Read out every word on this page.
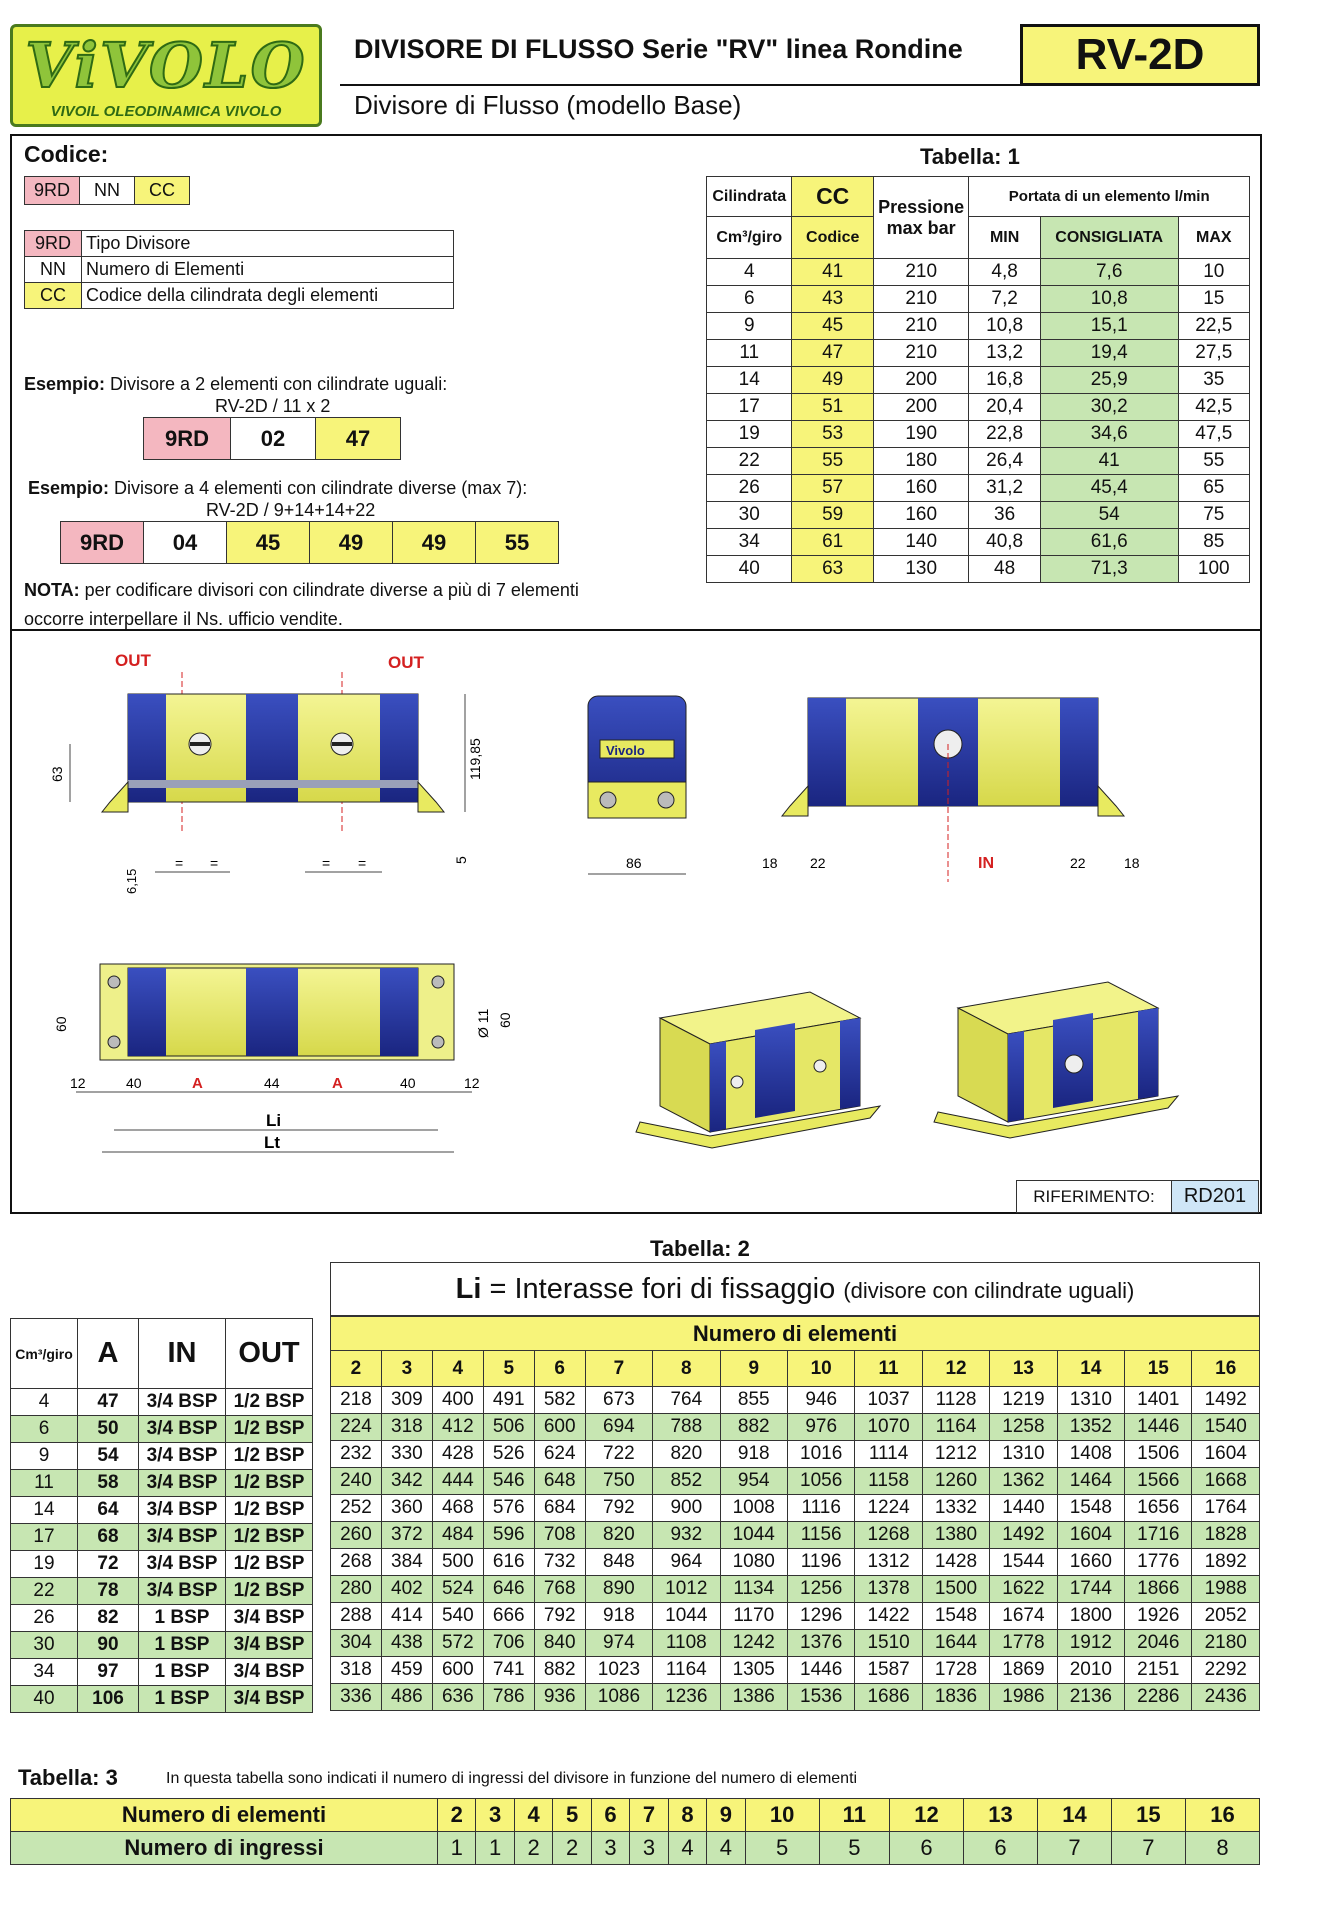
ViVOLO
VIVOIL OLEODINAMICA VIVOLO
DIVISORE DI FLUSSO Serie "RV" linea Rondine
Divisore di Flusso (modello Base)
RV-2D
Codice:
9RD	NN	CC
9RD	Tipo Divisore
NN	Numero di Elementi
CC	Codice della cilindrata degli elementi
Esempio: Divisore a 2 elementi con cilindrate uguali:
RV-2D / 11 x 2
9RD	02	47
Esempio: Divisore a 4 elementi con cilindrate diverse (max 7):
RV-2D / 9+14+14+22
9RD	04	45	49	49	55
NOTA: per codificare divisori con cilindrate diverse a più di 7 elementi
occorre interpellare il Ns. ufficio vendite.
Tabella: 1
Cilindrata	CC	Pressione max bar	Portata di un elemento l/min		
Cm³/giro	Codice		MIN	CONSIGLIATA	MAX
4	41	210	4,8	7,6	10
6	43	210	7,2	10,8	15
9	45	210	10,8	15,1	22,5
11	47	210	13,2	19,4	27,5
14	49	200	16,8	25,9	35
17	51	200	20,4	30,2	42,5
19	53	190	22,8	34,6	47,5
22	55	180	26,4	41	55
26	57	160	31,2	45,4	65
30	59	160	36	54	75
34	61	140	40,8	61,6	85
40	63	130	48	71,3	100
OUT	OUT
63	119,85
5
6,15
= =	= =
Vivolo
86	IN
18 22	22	18
60	Ø 11 60
12	40	A	44	A	40	12
Li
Lt
RIFERIMENTO:	RD201
Tabella: 2
Li = Interasse fori di fissaggio (divisore con cilindrate uguali)
Cm³/giro	A	IN	OUT
4	47	3/4 BSP	1/2 BSP
6	50	3/4 BSP	1/2 BSP
9	54	3/4 BSP	1/2 BSP
11	58	3/4 BSP	1/2 BSP
14	64	3/4 BSP	1/2 BSP
17	68	3/4 BSP	1/2 BSP
19	72	3/4 BSP	1/2 BSP
22	78	3/4 BSP	1/2 BSP
26	82	1 BSP	3/4 BSP
30	90	1 BSP	3/4 BSP
34	97	1 BSP	3/4 BSP
40	106	1 BSP	3/4 BSP
Numero di elementi														
2	3	4	5	6	7	8	9	10	11	12	13	14	15	16
218	309	400	491	582	673	764	855	946	1037	1128	1219	1310	1401	1492
224	318	412	506	600	694	788	882	976	1070	1164	1258	1352	1446	1540
232	330	428	526	624	722	820	918	1016	1114	1212	1310	1408	1506	1604
240	342	444	546	648	750	852	954	1056	1158	1260	1362	1464	1566	1668
252	360	468	576	684	792	900	1008	1116	1224	1332	1440	1548	1656	1764
260	372	484	596	708	820	932	1044	1156	1268	1380	1492	1604	1716	1828
268	384	500	616	732	848	964	1080	1196	1312	1428	1544	1660	1776	1892
280	402	524	646	768	890	1012	1134	1256	1378	1500	1622	1744	1866	1988
288	414	540	666	792	918	1044	1170	1296	1422	1548	1674	1800	1926	2052
304	438	572	706	840	974	1108	1242	1376	1510	1644	1778	1912	2046	2180
318	459	600	741	882	1023	1164	1305	1446	1587	1728	1869	2010	2151	2292
336	486	636	786	936	1086	1236	1386	1536	1686	1836	1986	2136	2286	2436
Tabella: 3	In questa tabella sono indicati il numero di ingressi del divisore in funzione del numero di elementi
Numero di elementi	2	3	4	5	6	7	8	9	10	11	12	13	14	15	16
Numero di ingressi	1	1	2	2	3	3	4	4	5	5	6	6	7	7	8
